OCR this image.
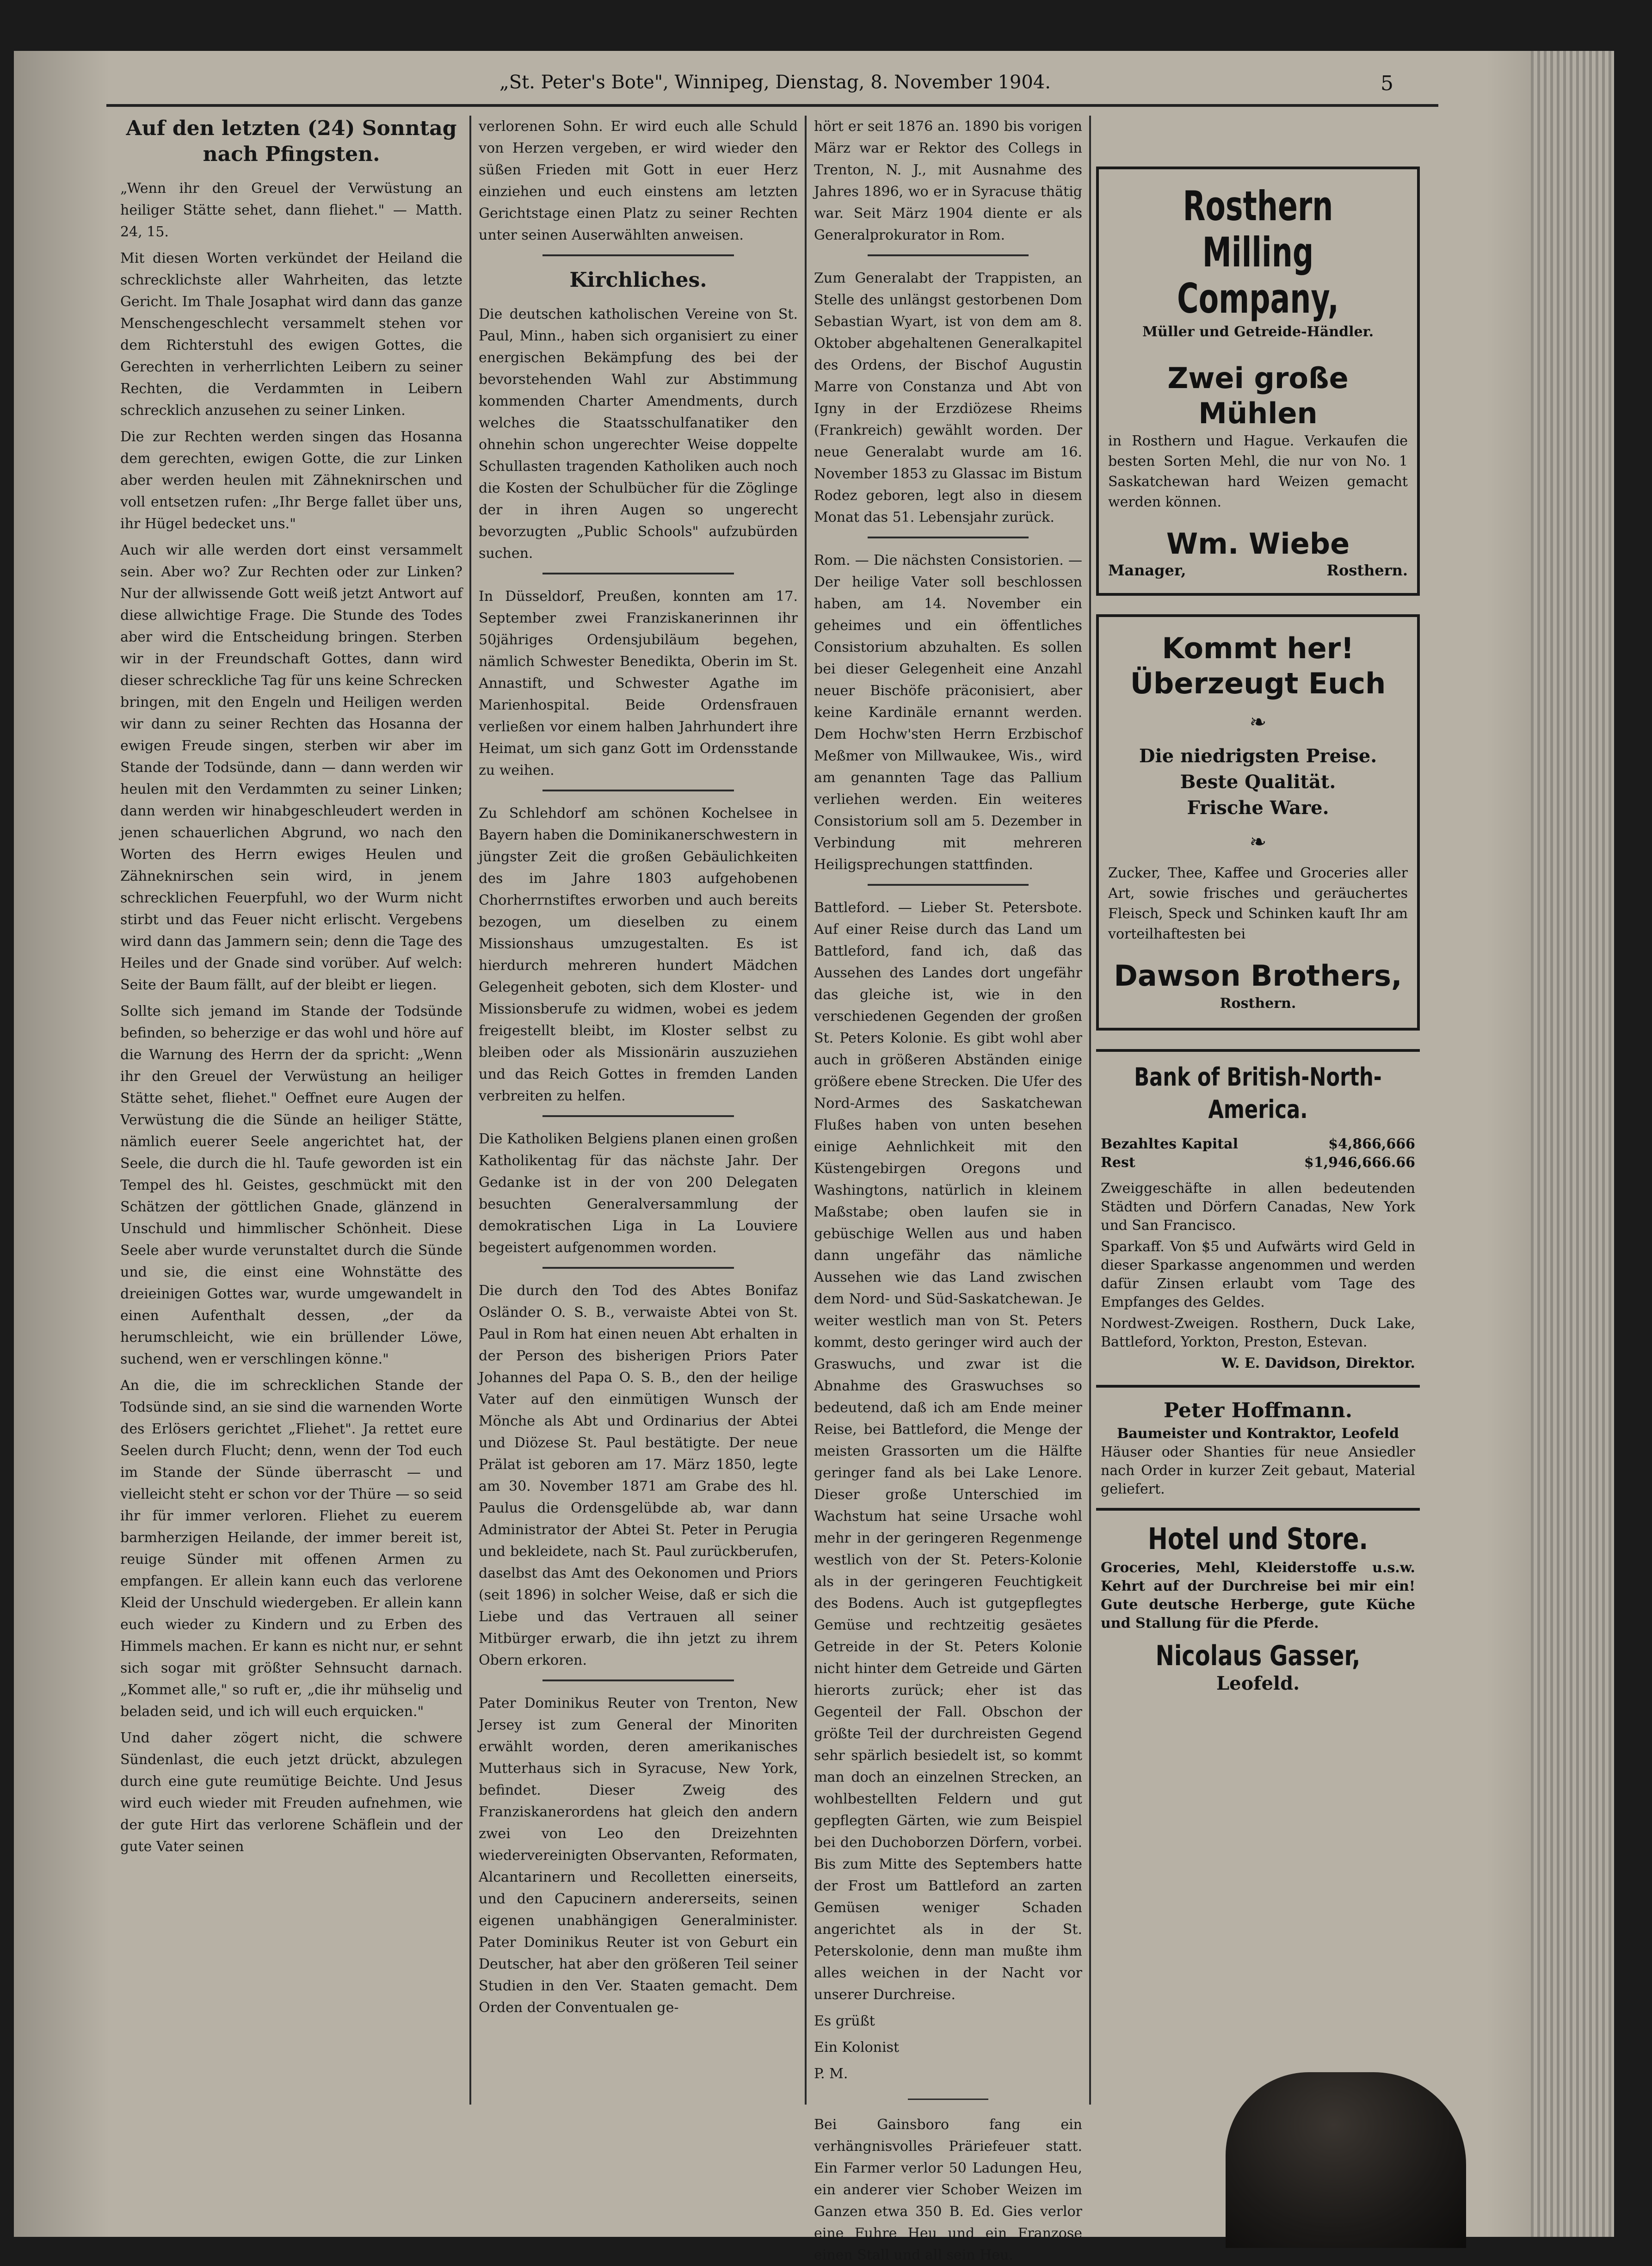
„St. Peter's Bote", Winnipeg, Dienstag, 8. November 1904.	5
Auf den letzten (24) Sonntag nach Pfingsten.

„Wenn ihr den Greuel der Verwüstung an heiliger Stätte sehet, dann fliehet." — Matth. 24, 15.

Mit diesen Worten verkündet der Heiland die schrecklichste aller Wahrheiten, das letzte Gericht. Im Thale Josaphat wird dann das ganze Menschengeschlecht versammelt stehen vor dem Richterstuhl des ewigen Gottes, die Gerechten in verherrlichten Leibern zu seiner Rechten, die Verdammten in Leibern schrecklich anzusehen zu seiner Linken.

Die zur Rechten werden singen das Hosanna dem gerechten, ewigen Gotte, die zur Linken aber werden heulen mit Zähneknirschen und voll entsetzen rufen: „Ihr Berge fallet über uns, ihr Hügel bedecket uns."

Auch wir alle werden dort einst versammelt sein. Aber wo? Zur Rechten oder zur Linken? Nur der allwissende Gott weiß jetzt Antwort auf diese allwichtige Frage. Die Stunde des Todes aber wird die Entscheidung bringen. Sterben wir in der Freundschaft Gottes, dann wird dieser schreckliche Tag für uns keine Schrecken bringen, mit den Engeln und Heiligen werden wir dann zu seiner Rechten das Hosanna der ewigen Freude singen, sterben wir aber im Stande der Todsünde, dann — dann werden wir heulen mit den Verdammten zu seiner Linken; dann werden wir hinabgeschleudert werden in jenen schauerlichen Abgrund, wo nach den Worten des Herrn ewiges Heulen und Zähneknirschen sein wird, in jenem schrecklichen Feuerpfuhl, wo der Wurm nicht stirbt und das Feuer nicht erlischt. Vergebens wird dann das Jammern sein; denn die Tage des Heiles und der Gnade sind vorüber. Auf welch: Seite der Baum fällt, auf der bleibt er liegen.

Sollte sich jemand im Stande der Todsünde befinden, so beherzige er das wohl und höre auf die Warnung des Herrn der da spricht: „Wenn ihr den Greuel der Verwüstung an heiliger Stätte sehet, fliehet." Oeffnet eure Augen der Verwüstung die die Sünde an heiliger Stätte, nämlich euerer Seele angerichtet hat, der Seele, die durch die hl. Taufe geworden ist ein Tempel des hl. Geistes, geschmückt mit den Schätzen der göttlichen Gnade, glänzend in Unschuld und himmlischer Schönheit. Diese Seele aber wurde verunstaltet durch die Sünde und sie, die einst eine Wohnstätte des dreieinigen Gottes war, wurde umgewandelt in einen Aufenthalt dessen, „der da herumschleicht, wie ein brüllender Löwe, suchend, wen er verschlingen könne."

An die, die im schrecklichen Stande der Todsünde sind, an sie sind die warnenden Worte des Erlösers gerichtet „Fliehet". Ja rettet eure Seelen durch Flucht; denn, wenn der Tod euch im Stande der Sünde überrascht — und vielleicht steht er schon vor der Thüre — so seid ihr für immer verloren. Fliehet zu euerem barmherzigen Heilande, der immer bereit ist, reuige Sünder mit offenen Armen zu empfangen. Er allein kann euch das verlorene Kleid der Unschuld wiedergeben. Er allein kann euch wieder zu Kindern und zu Erben des Himmels machen. Er kann es nicht nur, er sehnt sich sogar mit größter Sehnsucht darnach. „Kommet alle," so ruft er, „die ihr mühselig und beladen seid, und ich will euch erquicken."

Und daher zögert nicht, die schwere Sündenlast, die euch jetzt drückt, abzulegen durch eine gute reumütige Beichte. Und Jesus wird euch wieder mit Freuden aufnehmen, wie der gute Hirt das verlorene Schäflein und der gute Vater seinen

verlorenen Sohn. Er wird euch alle Schuld von Herzen vergeben, er wird wieder den süßen Frieden mit Gott in euer Herz einziehen und euch einstens am letzten Gerichtstage einen Platz zu seiner Rechten unter seinen Auserwählten anweisen.

Kirchliches.

Die deutschen katholischen Vereine von St. Paul, Minn., haben sich organisiert zu einer energischen Bekämpfung des bei der bevorstehenden Wahl zur Abstimmung kommenden Charter Amendments, durch welches die Staatsschulfanatiker den ohnehin schon ungerechter Weise doppelte Schullasten tragenden Katholiken auch noch die Kosten der Schulbücher für die Zöglinge der in ihren Augen so ungerecht bevorzugten „Public Schools" aufzubürden suchen.

In Düsseldorf, Preußen, konnten am 17. September zwei Franziskanerinnen ihr 50jähriges Ordensjubiläum begehen, nämlich Schwester Benedikta, Oberin im St. Annastift, und Schwester Agathe im Marienhospital. Beide Ordensfrauen verließen vor einem halben Jahrhundert ihre Heimat, um sich ganz Gott im Ordensstande zu weihen.

Zu Schlehdorf am schönen Kochelsee in Bayern haben die Dominikanerschwestern in jüngster Zeit die großen Gebäulichkeiten des im Jahre 1803 aufgehobenen Chorherrnstiftes erworben und auch bereits bezogen, um dieselben zu einem Missionshaus umzugestalten. Es ist hierdurch mehreren hundert Mädchen Gelegenheit geboten, sich dem Kloster- und Missionsberufe zu widmen, wobei es jedem freigestellt bleibt, im Kloster selbst zu bleiben oder als Missionärin auszuziehen und das Reich Gottes in fremden Landen verbreiten zu helfen.

Die Katholiken Belgiens planen einen großen Katholikentag für das nächste Jahr. Der Gedanke ist in der von 200 Delegaten besuchten Generalversammlung der demokratischen Liga in La Louviere begeistert aufgenommen worden.

Die durch den Tod des Abtes Bonifaz Osländer O. S. B., verwaiste Abtei von St. Paul in Rom hat einen neuen Abt erhalten in der Person des bisherigen Priors Pater Johannes del Papa O. S. B., den der heilige Vater auf den einmütigen Wunsch der Mönche als Abt und Ordinarius der Abtei und Diözese St. Paul bestätigte. Der neue Prälat ist geboren am 17. März 1850, legte am 30. November 1871 am Grabe des hl. Paulus die Ordensgelübde ab, war dann Administrator der Abtei St. Peter in Perugia und bekleidete, nach St. Paul zurückberufen, daselbst das Amt des Oekonomen und Priors (seit 1896) in solcher Weise, daß er sich die Liebe und das Vertrauen all seiner Mitbürger erwarb, die ihn jetzt zu ihrem Obern erkoren.

Pater Dominikus Reuter von Trenton, New Jersey ist zum General der Minoriten erwählt worden, deren amerikanisches Mutterhaus sich in Syracuse, New York, befindet. Dieser Zweig des Franziskanerordens hat gleich den andern zwei von Leo den Dreizehnten wiedervereinigten Observanten, Reformaten, Alcantarinern und Recolletten einerseits, und den Capucinern andererseits, seinen eigenen unabhängigen Generalminister. Pater Dominikus Reuter ist von Geburt ein Deutscher, hat aber den größeren Teil seiner Studien in den Ver. Staaten gemacht. Dem Orden der Conventualen ge-

hört er seit 1876 an. 1890 bis vorigen März war er Rektor des Collegs in Trenton, N. J., mit Ausnahme des Jahres 1896, wo er in Syracuse thätig war. Seit März 1904 diente er als Generalprokurator in Rom.

Zum Generalabt der Trappisten, an Stelle des unlängst gestorbenen Dom Sebastian Wyart, ist von dem am 8. Oktober abgehaltenen Generalkapitel des Ordens, der Bischof Augustin Marre von Constanza und Abt von Igny in der Erzdiözese Rheims (Frankreich) gewählt worden. Der neue Generalabt wurde am 16. November 1853 zu Glassac im Bistum Rodez geboren, legt also in diesem Monat das 51. Lebensjahr zurück.

Rom. — Die nächsten Consistorien. — Der heilige Vater soll beschlossen haben, am 14. November ein geheimes und ein öffentliches Consistorium abzuhalten. Es sollen bei dieser Gelegenheit eine Anzahl neuer Bischöfe präconisiert, aber keine Kardinäle ernannt werden. Dem Hochw'sten Herrn Erzbischof Meßmer von Millwaukee, Wis., wird am genannten Tage das Pallium verliehen werden. Ein weiteres Consistorium soll am 5. Dezember in Verbindung mit mehreren Heiligsprechungen stattfinden.

Battleford. — Lieber St. Petersbote. Auf einer Reise durch das Land um Battleford, fand ich, daß das Aussehen des Landes dort ungefähr das gleiche ist, wie in den verschiedenen Gegenden der großen St. Peters Kolonie. Es gibt wohl aber auch in größeren Abständen einige größere ebene Strecken. Die Ufer des Nord-Armes des Saskatchewan Flußes haben von unten besehen einige Aehnlichkeit mit den Küstengebirgen Oregons und Washingtons, natürlich in kleinem Maßstabe; oben laufen sie in gebüschige Wellen aus und haben dann ungefähr das nämliche Aussehen wie das Land zwischen dem Nord- und Süd-Saskatchewan. Je weiter westlich man von St. Peters kommt, desto geringer wird auch der Graswuchs, und zwar ist die Abnahme des Graswuchses so bedeutend, daß ich am Ende meiner Reise, bei Battleford, die Menge der meisten Grassorten um die Hälfte geringer fand als bei Lake Lenore. Dieser große Unterschied im Wachstum hat seine Ursache wohl mehr in der geringeren Regenmenge westlich von der St. Peters-Kolonie als in der geringeren Feuchtigkeit des Bodens. Auch ist gutgepflegtes Gemüse und rechtzeitig gesäetes Getreide in der St. Peters Kolonie nicht hinter dem Getreide und Gärten hierorts zurück; eher ist das Gegenteil der Fall. Obschon der größte Teil der durchreisten Gegend sehr spärlich besiedelt ist, so kommt man doch an einzelnen Strecken, an wohlbestellten Feldern und gut gepflegten Gärten, wie zum Beispiel bei den Duchoborzen Dörfern, vorbei. Bis zum Mitte des Septembers hatte der Frost um Battleford an zarten Gemüsen weniger Schaden angerichtet als in der St. Peterskolonie, denn man mußte ihm alles weichen in der Nacht vor unserer Durchreise.

Es grüßt

Ein Kolonist

P. M.

Bei Gainsboro fang ein verhängnisvolles Präriefeuer statt. Ein Farmer verlor 50 Ladungen Heu, ein anderer vier Schober Weizen im Ganzen etwa 350 B. Ed. Gies verlor eine Fuhre Heu und ein Franzose einen Stall und all sein Heu.

Rosthern Milling
Company,
Müller und Getreide-Händler.
Zwei große
Mühlen
in Rosthern und Hague. Verkaufen die besten Sorten Mehl, die nur von No. 1 Saskatchewan hard Weizen gemacht werden können.
Wm. Wiebe
Manager,	Rosthern.
Kommt her!
Überzeugt Euch
❧
Die niedrigsten Preise.
Beste Qualität.
Frische Ware.
❧
Zucker, Thee, Kaffee und Groceries aller Art, sowie frisches und geräuchertes Fleisch, Speck und Schinken kauft Ihr am vorteilhaftesten bei
Dawson Brothers,
Rosthern.
Bank of British-North-America.
Bezahltes Kapital	$4,866,666
Rest	$1,946,666.66

Zweiggeschäfte in allen bedeutenden Städten und Dörfern Canadas, New York und San Francisco.

Sparkaff. Von $5 und Aufwärts wird Geld in dieser Sparkasse angenommen und werden dafür Zinsen erlaubt vom Tage des Empfanges des Geldes.

Nordwest-Zweigen. Rosthern, Duck Lake, Battleford, Yorkton, Preston, Estevan.

W. E. Davidson, Direktor.

Peter Hoffmann.
Baumeister und Kontraktor, Leofeld
Häuser oder Shanties für neue Ansiedler nach Order in kurzer Zeit gebaut, Material geliefert.
Hotel und Store.
Groceries, Mehl, Kleiderstoffe u.s.w. Kehrt auf der Durchreise bei mir ein! Gute deutsche Herberge, gute Küche und Stallung für die Pferde.
Nicolaus Gasser,
Leofeld.
